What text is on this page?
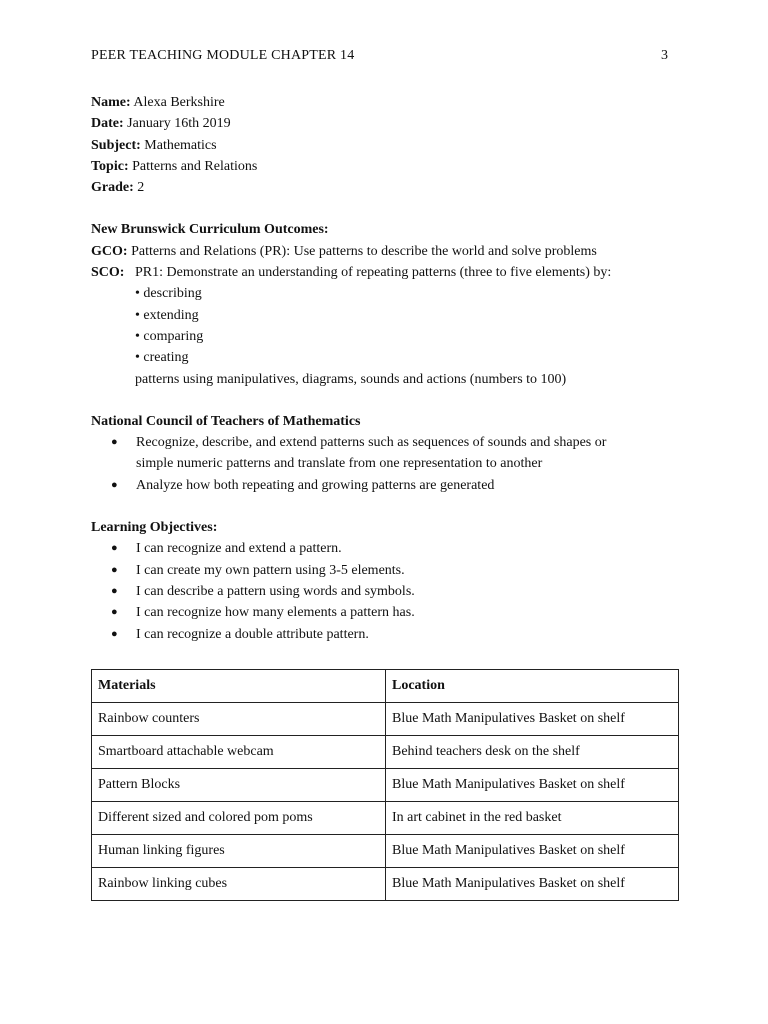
PEER TEACHING MODULE CHAPTER 14	3
Name: Alexa Berkshire
Date: January 16th 2019
Subject: Mathematics
Topic: Patterns and Relations
Grade: 2
New Brunswick Curriculum Outcomes:
GCO: Patterns and Relations (PR): Use patterns to describe the world and solve problems
SCO: PR1: Demonstrate an understanding of repeating patterns (three to five elements) by:
• describing
• extending
• comparing
• creating
patterns using manipulatives, diagrams, sounds and actions (numbers to 100)
National Council of Teachers of Mathematics
● Recognize, describe, and extend patterns such as sequences of sounds and shapes or
simple numeric patterns and translate from one representation to another
● Analyze how both repeating and growing patterns are generated
Learning Objectives:
● I can recognize and extend a pattern.
● I can create my own pattern using 3-5 elements.
● I can describe a pattern using words and symbols.
● I can recognize how many elements a pattern has.
● I can recognize a double attribute pattern.
Materials	Location
Rainbow counters	Blue Math Manipulatives Basket on shelf
Smartboard attachable webcam	Behind teachers desk on the shelf
Pattern Blocks	Blue Math Manipulatives Basket on shelf
Different sized and colored pom poms	In art cabinet in the red basket
Human linking figures	Blue Math Manipulatives Basket on shelf
Rainbow linking cubes	Blue Math Manipulatives Basket on shelf
